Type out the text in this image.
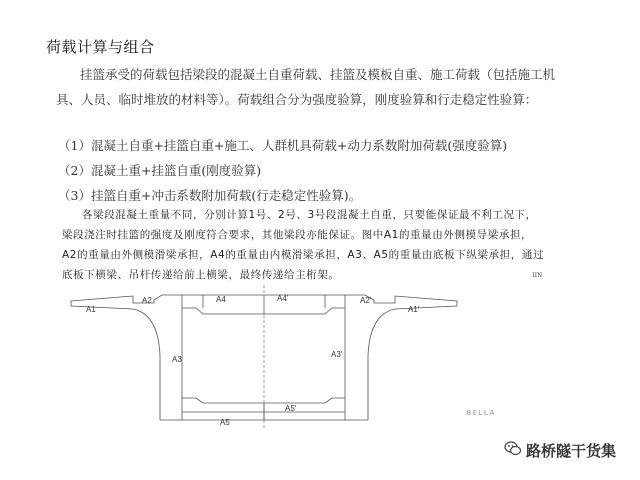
荷载计算与组合
挂篮承受的荷载包括梁段的混凝土自重荷载、挂篮及模板自重、施工荷载（包括施工机具、人员、临时堆放的材料等）。荷载组合分为强度验算，刚度验算和行走稳定性验算：
（1）混凝土自重+挂篮自重+施工、人群机具荷载+动力系数附加荷载(强度验算)
（2）混凝土重+挂篮自重(刚度验算)
（3）挂篮自重+冲击系数附加荷载(行走稳定性验算)。
各梁段混凝土重量不同，分别计算1号、2号、3号段混凝土自重，只要能保证最不利工况下，梁段浇注时挂篮的强度及刚度符合要求，其他梁段亦能保证。图中A1的重量由外侧模导梁承担，A2的重量由外侧模滑梁承担，A4的重量由内模滑梁承担，A3、A5的重量由底板下纵梁承担，通过底板下横梁、吊杆传递给前上横梁，最终传递给主桁架。
A1
A2	A4	A4'	A2'
A1'
A3
A3'
A5'
A5
ɪɪɴ
BELLA
路桥隧干货集
